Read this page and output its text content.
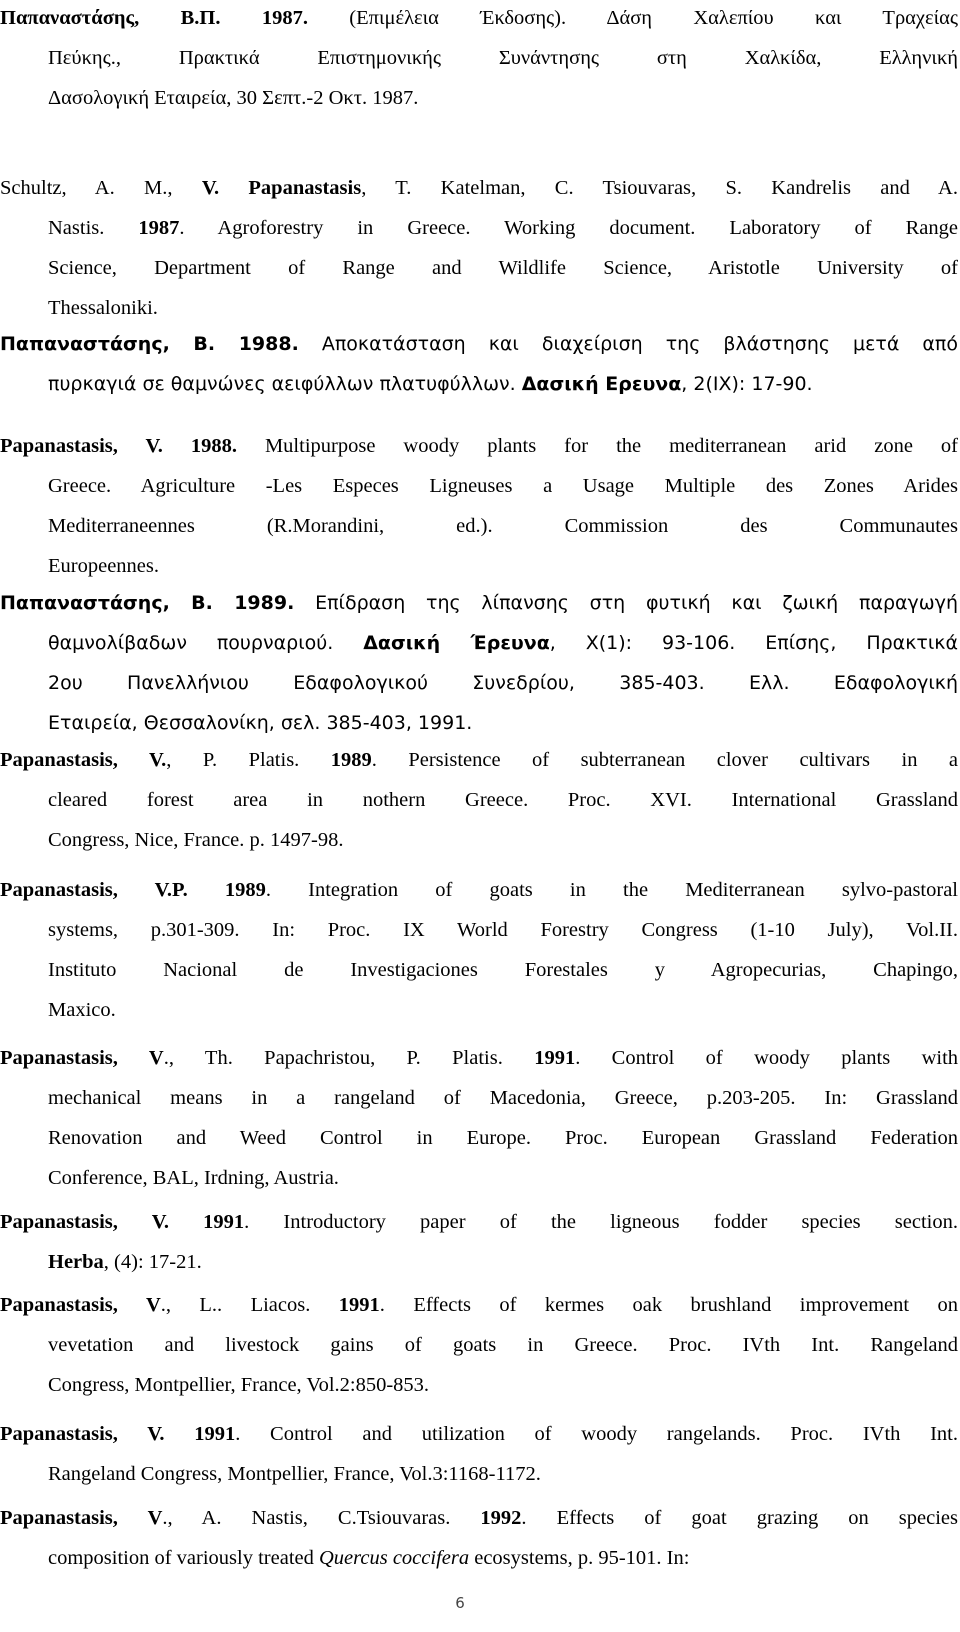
Παπαναστάσης, Β.Π. 1987. (Επιμέλεια Έκδοσης). Δάση Χαλεπίου και Τραχείας
Πεύκης., Πρακτικά Επιστημονικής Συνάντησης στη Χαλκίδα, Ελληνική
Δασολογική Εταιρεία, 30 Σεπτ.-2 Οκτ. 1987.
Schultz, A. M., V. Papanastasis, T. Katelman, C. Tsiouvaras, S. Kandrelis and A.
Nastis. 1987. Agroforestry in Greece. Working document. Laboratory of Range
Science, Department of Range and Wildlife Science, Aristotle University of
Thessaloniki.
Παπαναστάσης, Β. 1988. Αποκατάσταση και διαχείριση της βλάστησης μετά από
πυρκαγιά σε θαμνώνες αειφύλλων πλατυφύλλων. Δασική Ερευνα, 2(ΙΧ): 17-90.
Papanastasis, V. 1988. Multipurpose woody plants for the mediterranean arid zone of
Greece. Agriculture -Les Especes Ligneuses a Usage Multiple des Zones Arides
Mediterraneennes (R.Morandini, ed.). Commission des Communautes
Europeennes.
Παπαναστάσης, Β. 1989. Επίδραση της λίπανσης στη φυτική και ζωική παραγωγή
θαμνολίβαδων πουρναριού. Δασική Έρευνα, Χ(1): 93-106. Επίσης, Πρακτικά
2ου Πανελλήνιου Εδαφολογικού Συνεδρίου, 385-403. Ελλ. Εδαφολογική
Εταιρεία, Θεσσαλονίκη, σελ. 385-403, 1991.
Papanastasis, V., P. Platis. 1989. Persistence of subterranean clover cultivars in a
cleared forest area in nothern Greece. Proc. XVI. International Grassland
Congress, Nice, France. p. 1497-98.
Papanastasis, V.P. 1989. Integration of goats in the Mediterranean sylvo-pastoral
systems, p.301-309. In: Proc. IX World Forestry Congress (1-10 July), Vol.II.
Instituto Nacional de Investigaciones Forestales y Agropecurias, Chapingo,
Maxico.
Papanastasis, V., Th. Papachristou, P. Platis. 1991. Control of woody plants with
mechanical means in a rangeland of Macedonia, Greece, p.203-205. In: Grassland
Renovation and Weed Control in Europe. Proc. European Grassland Federation
Conference, BAL, Irdning, Austria.
Papanastasis, V. 1991. Introductory paper of the ligneous fodder species section.
Herba, (4): 17-21.
Papanastasis, V., L.. Liacos. 1991. Effects of kermes oak brushland improvement on
vevetation and livestock gains of goats in Greece. Proc. IVth Int. Rangeland
Congress, Montpellier, France, Vol.2:850-853.
Papanastasis, V. 1991. Control and utilization of woody rangelands. Proc. IVth Int.
Rangeland Congress, Montpellier, France, Vol.3:1168-1172.
Papanastasis, V., A. Nastis, C.Tsiouvaras. 1992. Effects of goat grazing on species
composition of variously treated Quercus coccifera ecosystems, p. 95-101. In:
6
